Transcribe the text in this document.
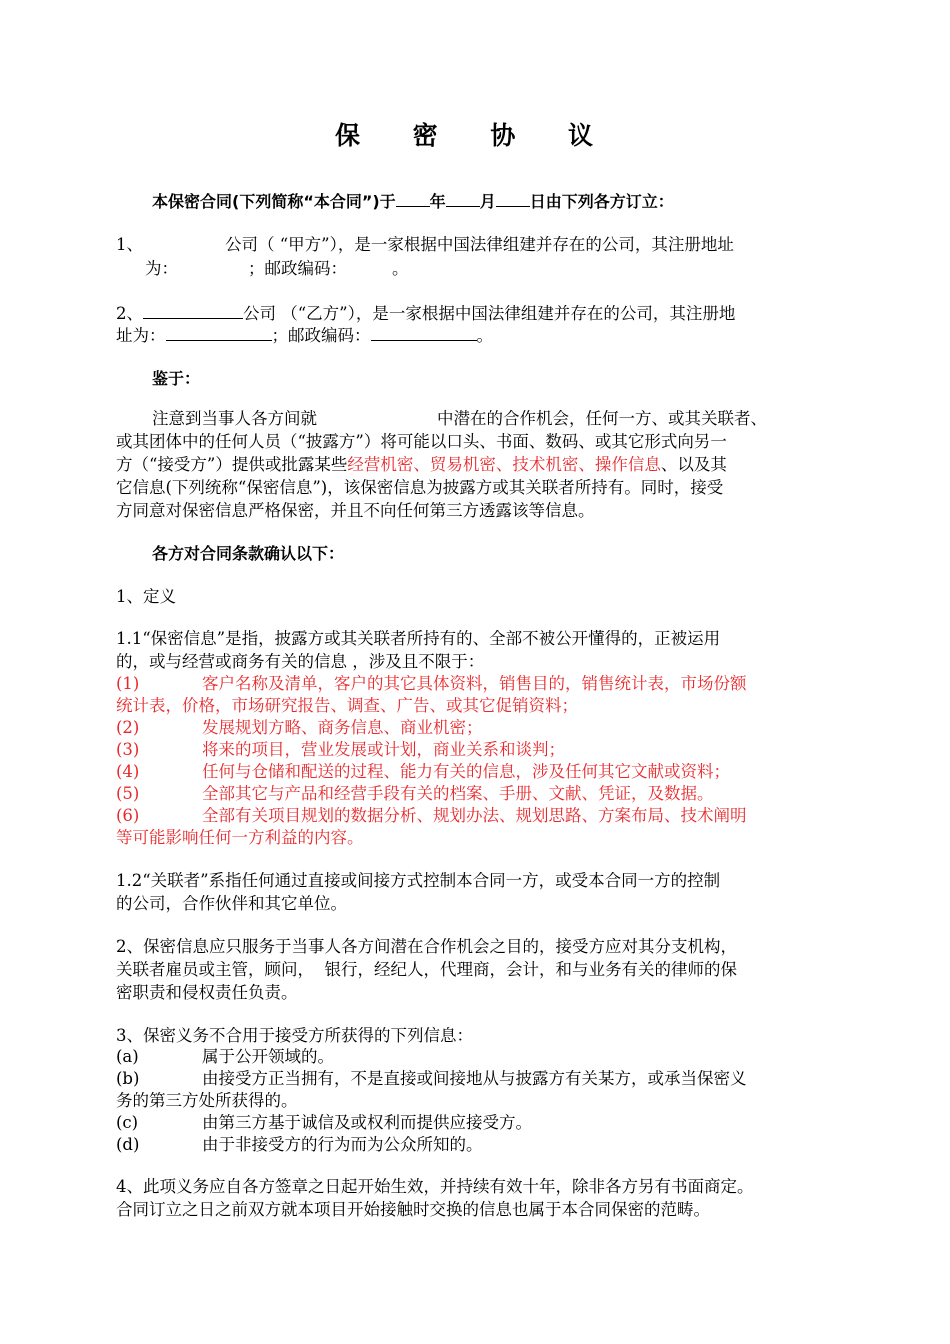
保 密 协 议
本保密合同(下列简称“本合同”)于 年 月 日由下列各方订立：
1、	公司（ “甲方”），是一家根据中国法律组建并存在的公司，其注册地址
为：	；邮政编码：	。
2、	公司 （“乙方”），是一家根据中国法律组建并存在的公司，其注册地
址为：	；邮政编码：	。
鉴于：
注意到当事人各方间就	中潜在的合作机会，任何一方、或其关联者、
或其团体中的任何人员（“披露方”）将可能以口头、书面、数码、或其它形式向另一
方（“接受方”）提供或批露某些经营机密、贸易机密、技术机密、操作信息、以及其
它信息(下列统称“保密信息”)，该保密信息为披露方或其关联者所持有。同时，接受
方同意对保密信息严格保密，并且不向任何第三方透露该等信息。
各方对合同条款确认以下：
1、定义
1.1“保密信息”是指，披露方或其关联者所持有的、全部不被公开懂得的，正被运用
的，或与经营或商务有关的信息 ，涉及且不限于：
(1)	客户名称及清单，客户的其它具体资料，销售目的，销售统计表，市场份额
统计表，价格，市场研究报告、调查、广告、或其它促销资料；
(2)	发展规划方略、商务信息、商业机密；
(3)	将来的项目，营业发展或计划，商业关系和谈判；
(4)	任何与仓储和配送的过程、能力有关的信息，涉及任何其它文献或资料；
(5)	全部其它与产品和经营手段有关的档案、手册、文献、凭证，及数据。
(6)	全部有关项目规划的数据分析、规划办法、规划思路、方案布局、技术阐明
等可能影响任何一方利益的内容。
1.2“关联者”系指任何通过直接或间接方式控制本合同一方，或受本合同一方的控制
的公司，合作伙伴和其它单位。
2、保密信息应只服务于当事人各方间潜在合作机会之目的，接受方应对其分支机构，
关联者雇员或主管，顾问，  银行，经纪人，代理商，会计，和与业务有关的律师的保
密职责和侵权责任负责。
3、保密义务不合用于接受方所获得的下列信息：
(a)	属于公开领域的。
(b)	由接受方正当拥有，不是直接或间接地从与披露方有关某方，或承当保密义
务的第三方处所获得的。
(c)	由第三方基于诚信及或权利而提供应接受方。
(d)	由于非接受方的行为而为公众所知的。
4、此项义务应自各方签章之日起开始生效，并持续有效十年，除非各方另有书面商定。
合同订立之日之前双方就本项目开始接触时交换的信息也属于本合同保密的范畴。
